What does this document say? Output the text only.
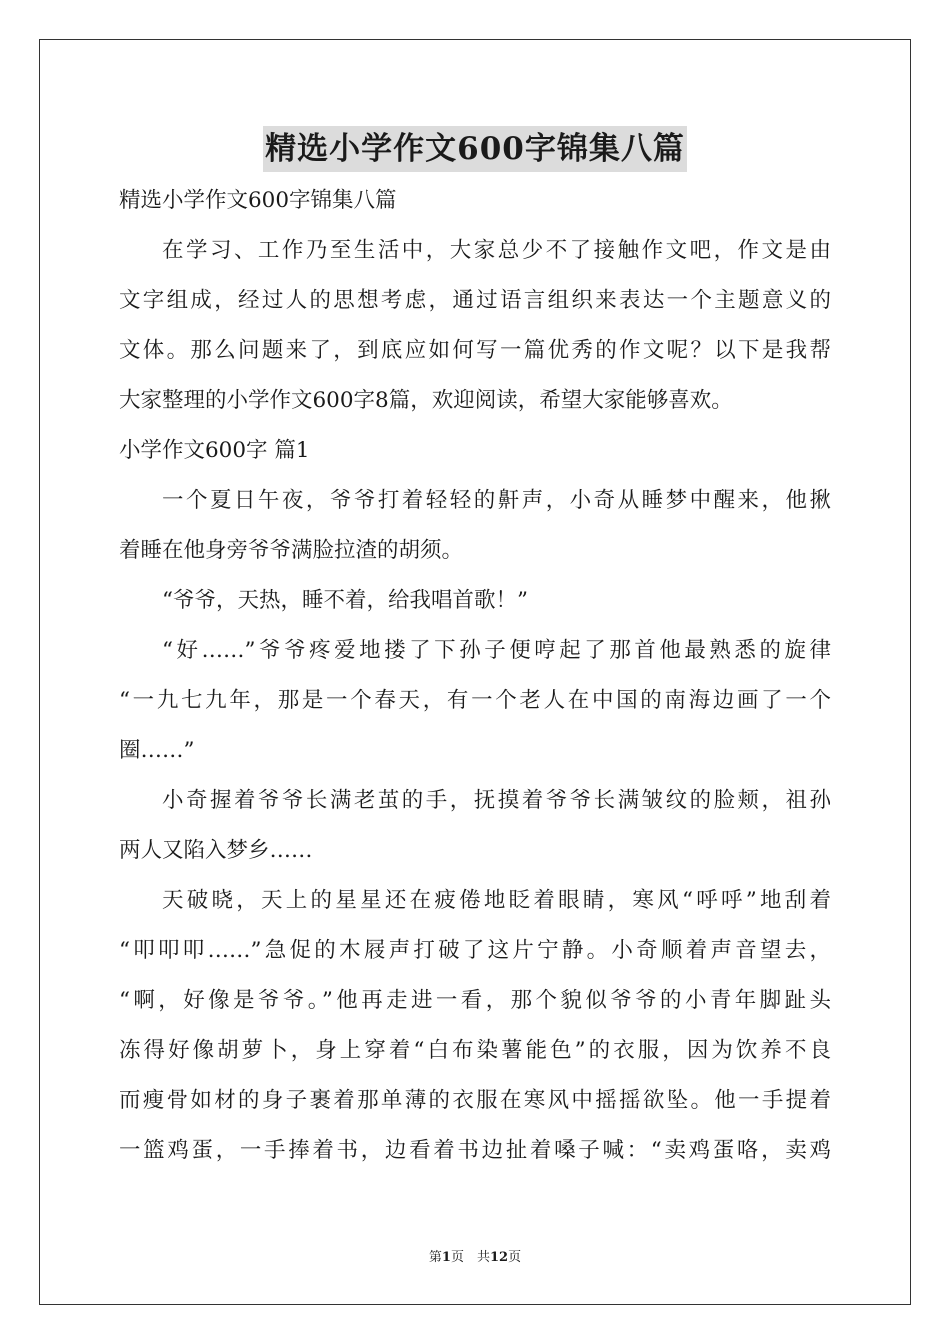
精选小学作文600字锦集八篇
精选小学作文600字锦集八篇
在学习、工作乃至生活中，大家总少不了接触作文吧，作文是由
文字组成，经过人的思想考虑，通过语言组织来表达一个主题意义的
文体。那么问题来了，到底应如何写一篇优秀的作文呢？以下是我帮
大家整理的小学作文600字8篇，欢迎阅读，希望大家能够喜欢。
小学作文600字 篇1
一个夏日午夜，爷爷打着轻轻的鼾声，小奇从睡梦中醒来，他揪
着睡在他身旁爷爷满脸拉渣的胡须。
“爷爷，天热，睡不着，给我唱首歌！”
“好……”爷爷疼爱地搂了下孙子便哼起了那首他最熟悉的旋律
“一九七九年，那是一个春天，有一个老人在中国的南海边画了一个
圈……”
小奇握着爷爷长满老茧的手，抚摸着爷爷长满皱纹的脸颊，祖孙
两人又陷入梦乡……
天破晓，天上的星星还在疲倦地眨着眼睛，寒风“呼呼”地刮着
“叩叩叩……”急促的木屐声打破了这片宁静。小奇顺着声音望去，
“啊，好像是爷爷。”他再走进一看，那个貌似爷爷的小青年脚趾头
冻得好像胡萝卜，身上穿着“白布染薯能色”的衣服，因为饮养不良
而瘦骨如材的身子裹着那单薄的衣服在寒风中摇摇欲坠。他一手提着
一篮鸡蛋，一手捧着书，边看着书边扯着嗓子喊：“卖鸡蛋咯，卖鸡
第1页　共12页
